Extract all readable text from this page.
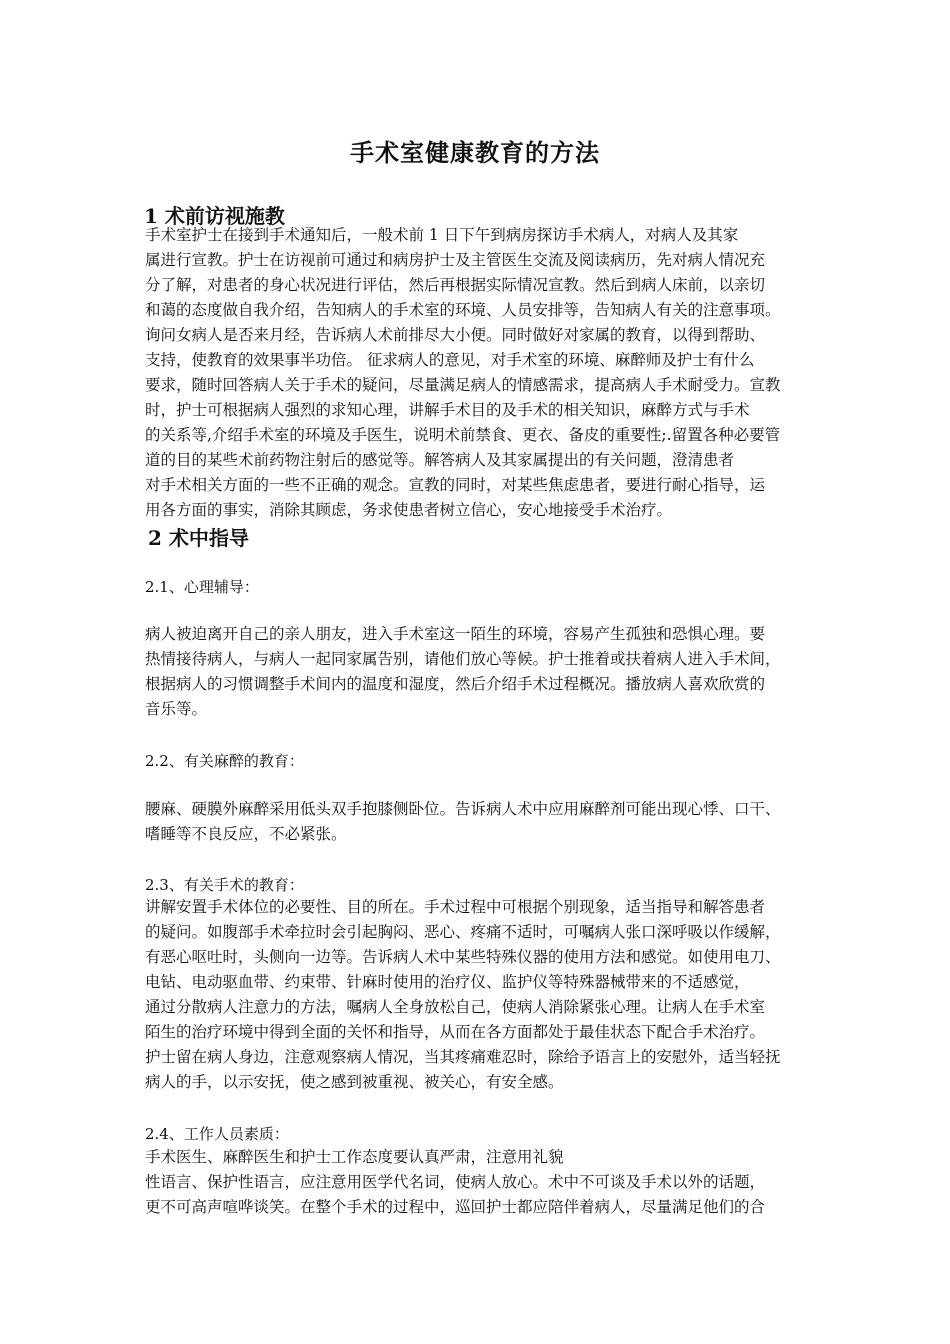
手术室健康教育的方法
1 术前访视施教
手术室护士在接到手术通知后，一般术前 1 日下午到病房探访手术病人，对病人及其家
属进行宣教。护士在访视前可通过和病房护士及主管医生交流及阅读病历，先对病人情况充
分了解，对患者的身心状况进行评估，然后再根据实际情况宣教。然后到病人床前，以亲切
和蔼的态度做自我介绍，告知病人的手术室的环境、人员安排等，告知病人有关的注意事项。
询问女病人是否来月经，告诉病人术前排尽大小便。同时做好对家属的教育，以得到帮助、
支持，使教育的效果事半功倍。 征求病人的意见，对手术室的环境、麻醉师及护士有什么
要求，随时回答病人关于手术的疑问，尽量满足病人的情感需求，提高病人手术耐受力。宣教
时，护士可根据病人强烈的求知心理，讲解手术目的及手术的相关知识，麻醉方式与手术
的关系等,介绍手术室的环境及手医生，说明术前禁食、更衣、备皮的重要性;.留置各种必要管
道的目的某些术前药物注射后的感觉等。解答病人及其家属提出的有关问题，澄清患者
对手术相关方面的一些不正确的观念。宣教的同时，对某些焦虑患者，要进行耐心指导，运
用各方面的事实，消除其顾虑，务求使患者树立信心，安心地接受手术治疗。
2 术中指导
2.1、心理辅导：
病人被迫离开自己的亲人朋友，进入手术室这一陌生的环境，容易产生孤独和恐惧心理。要
热情接待病人，与病人一起同家属告别，请他们放心等候。护士推着或扶着病人进入手术间，
根据病人的习惯调整手术间内的温度和湿度，然后介绍手术过程概况。播放病人喜欢欣赏的
音乐等。
2.2、有关麻醉的教育：
腰麻、硬膜外麻醉采用低头双手抱膝侧卧位。告诉病人术中应用麻醉剂可能出现心悸、口干、
嗜睡等不良反应，不必紧张。
2.3、有关手术的教育：
讲解安置手术体位的必要性、目的所在。手术过程中可根据个别现象，适当指导和解答患者
的疑问。如腹部手术牵拉时会引起胸闷、恶心、疼痛不适时，可嘱病人张口深呼吸以作缓解，
有恶心呕吐时，头侧向一边等。告诉病人术中某些特殊仪器的使用方法和感觉。如使用电刀、
电钻、电动驱血带、约束带、针麻时使用的治疗仪、监护仪等特殊器械带来的不适感觉，
通过分散病人注意力的方法，嘱病人全身放松自己，使病人消除紧张心理。让病人在手术室
陌生的治疗环境中得到全面的关怀和指导，从而在各方面都处于最佳状态下配合手术治疗。
护士留在病人身边，注意观察病人情况，当其疼痛难忍时，除给予语言上的安慰外，适当轻抚
病人的手，以示安抚，使之感到被重视、被关心，有安全感。
2.4、工作人员素质：
手术医生、麻醉医生和护士工作态度要认真严肃，注意用礼貌
性语言、保护性语言，应注意用医学代名词，使病人放心。术中不可谈及手术以外的话题，
更不可高声喧哗谈笑。在整个手术的过程中，巡回护士都应陪伴着病人，尽量满足他们的合
